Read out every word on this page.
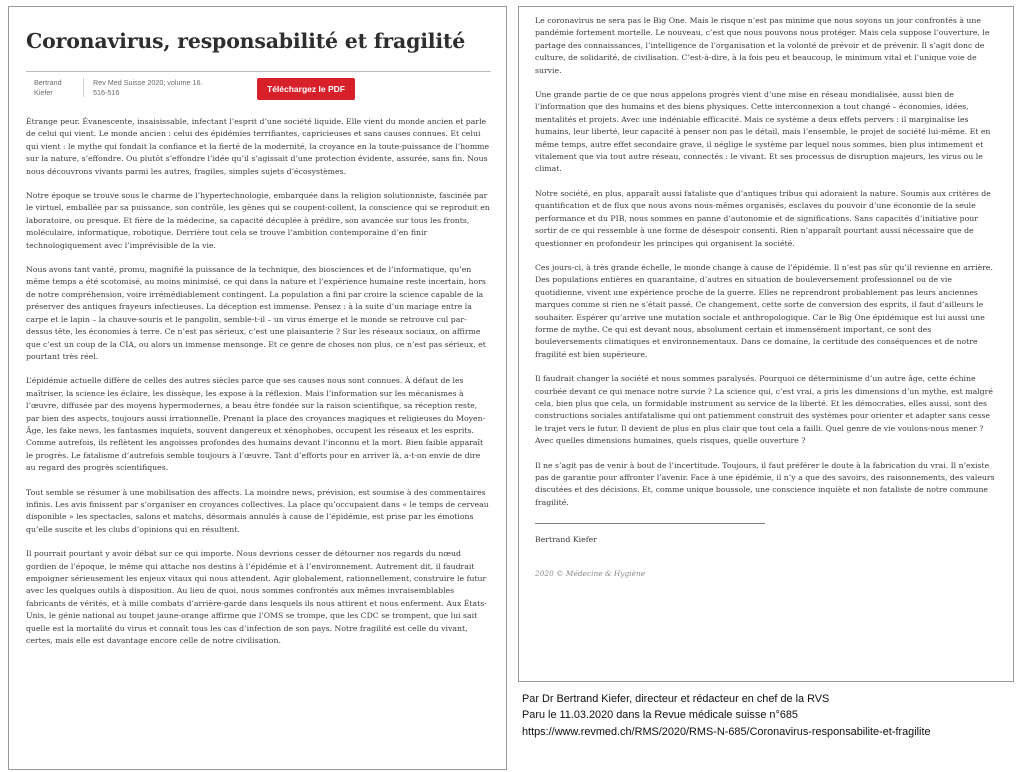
Coronavirus, responsabilité et fragilité
Bertrand
Kiefer
Rev Med Suisse 2020; volume 16.
516-516	Téléchargez le PDF

Étrange peur. Évanescente, insaisissable, infectant l’esprit d’une société liquide. Elle vient du monde ancien et parle de celui qui vient. Le monde ancien : celui des épidémies terrifiantes, capricieuses et sans causes connues. Et celui qui vient : le mythe qui fondait la confiance et la fierté de la modernité, la croyance en la toute-puissance de l’homme sur la nature, s’effondre. Ou plutôt s’effondre l’idée qu’il s’agissait d’une protection évidente, assurée, sans fin. Nous nous découvrons vivants parmi les autres, fragiles, simples sujets d’écosystèmes.

Notre époque se trouve sous le charme de l’hypertechnologie, embarquée dans la religion solutionniste, fascinée par le virtuel, emballée par sa puissance, son contrôle, les gènes qui se coupent-collent, la conscience qui se reproduit en laboratoire, ou presque. Et fière de la médecine, sa capacité décuplée à prédire, son avancée sur tous les fronts, moléculaire, informatique, robotique. Derrière tout cela se trouve l’ambition contemporaine d’en finir technologiquement avec l’imprévisible de la vie.

Nous avons tant vanté, promu, magnifié la puissance de la technique, des biosciences et de l’informatique, qu’en même temps a été scotomisé, au moins minimisé, ce qui dans la nature et l’expérience humaine reste incertain, hors de notre compréhension, voire irrémédiablement contingent. La population a fini par croire la science capable de la préserver des antiques frayeurs infectieuses. La déception est immense. Pensez : à la suite d’un mariage entre la carpe et le lapin – la chauve-souris et le pangolin, semble-t-il – un virus émerge et le monde se retrouve cul par-dessus tête, les économies à terre. Ce n’est pas sérieux, c’est une plaisanterie ? Sur les réseaux sociaux, on affirme que c’est un coup de la CIA, ou alors un immense mensonge. Et ce genre de choses non plus, ce n’est pas sérieux, et pourtant très réel.

L’épidémie actuelle diffère de celles des autres siècles parce que ses causes nous sont connues. À défaut de les maîtriser, la science les éclaire, les dissèque, les expose à la réflexion. Mais l’information sur les mécanismes à l’œuvre, diffusée par des moyens hypermodernes, a beau être fondée sur la raison scientifique, sa réception reste, par bien des aspects, toujours aussi irrationnelle. Prenant la place des croyances magiques et religieuses du Moyen-Âge, les fake news, les fantasmes inquiets, souvent dangereux et xénophobes, occupent les réseaux et les esprits. Comme autrefois, ils reflètent les angoisses profondes des humains devant l’inconnu et la mort. Bien faible apparaît le progrès. Le fatalisme d’autrefois semble toujours à l’œuvre. Tant d’efforts pour en arriver là, a-t-on envie de dire au regard des progrès scientifiques.

Tout semble se résumer à une mobilisation des affects. La moindre news, prévision, est soumise à des commentaires infinis. Les avis finissent par s’organiser en croyances collectives. La place qu’occupaient dans « le temps de cerveau disponible » les spectacles, salons et matchs, désormais annulés à cause de l’épidémie, est prise par les émotions qu’elle suscite et les clubs d’opinions qui en résultent.

Il pourrait pourtant y avoir débat sur ce qui importe. Nous devrions cesser de détourner nos regards du nœud gordien de l’époque, le même qui attache nos destins à l’épidémie et à l’environnement. Autrement dit, il faudrait empoigner sérieusement les enjeux vitaux qui nous attendent. Agir globalement, rationnellement, construire le futur avec les quelques outils à disposition. Au lieu de quoi, nous sommes confrontés aux mêmes invraisemblables fabricants de vérités, et à mille combats d’arrière-garde dans lesquels ils nous attirent et nous enferment. Aux États-Unis, le génie national au toupet jaune-orange affirme que l’OMS se trompe, que les CDC se trompent, que lui sait quelle est la mortalité du virus et connaît tous les cas d’infection de son pays. Notre fragilité est celle du vivant, certes, mais elle est davantage encore celle de notre civilisation.

Le coronavirus ne sera pas le Big One. Mais le risque n’est pas minime que nous soyons un jour confrontés à une pandémie fortement mortelle. Le nouveau, c’est que nous pouvons nous protéger. Mais cela suppose l’ouverture, le partage des connaissances, l’intelligence de l’organisation et la volonté de prévoir et de prévenir. Il s’agit donc de culture, de solidarité, de civilisation. C’est-à-dire, à la fois peu et beaucoup, le minimum vital et l’unique voie de survie.

Une grande partie de ce que nous appelons progrès vient d’une mise en réseau mondialisée, aussi bien de l’information que des humains et des biens physiques. Cette interconnexion a tout changé – économies, idées, mentalités et projets. Avec une indéniable efficacité. Mais ce système a deux effets pervers : il marginalise les humains, leur liberté, leur capacité à penser non pas le détail, mais l’ensemble, le projet de société lui-même. Et en même temps, autre effet secondaire grave, il néglige le système par lequel nous sommes, bien plus intimement et vitalement que via tout autre réseau, connectés : le vivant. Et ses processus de disruption majeurs, les virus ou le climat.

Notre société, en plus, apparaît aussi fataliste que d’antiques tribus qui adoraient la nature. Soumis aux critères de quantification et de flux que nous avons nous-mêmes organisés, esclaves du pouvoir d’une économie de la seule performance et du PIB, nous sommes en panne d’autonomie et de significations. Sans capacités d’initiative pour sortir de ce qui ressemble à une forme de désespoir consenti. Rien n’apparaît pourtant aussi nécessaire que de questionner en profondeur les principes qui organisent la société.

Ces jours-ci, à très grande échelle, le monde change à cause de l’épidémie. Il n’est pas sûr qu’il revienne en arrière. Des populations entières en quarantaine, d’autres en situation de bouleversement professionnel ou de vie quotidienne, vivent une expérience proche de la guerre. Elles ne reprendront probablement pas leurs anciennes marques comme si rien ne s’était passé. Ce changement, cette sorte de conversion des esprits, il faut d’ailleurs le souhaiter. Espérer qu’arrive une mutation sociale et anthropologique. Car le Big One épidémique est lui aussi une forme de mythe. Ce qui est devant nous, absolument certain et immensément important, ce sont des bouleversements climatiques et environnementaux. Dans ce domaine, la certitude des conséquences et de notre fragilité est bien supérieure.

Il faudrait changer la société et nous sommes paralysés. Pourquoi ce déterminisme d’un autre âge, cette échine courbée devant ce qui menace notre survie ? La science qui, c’est vrai, a pris les dimensions d’un mythe, est malgré cela, bien plus que cela, un formidable instrument au service de la liberté. Et les démocraties, elles aussi, sont des constructions sociales antifatalisme qui ont patiemment construit des systèmes pour orienter et adapter sans cesse le trajet vers le futur. Il devient de plus en plus clair que tout cela a failli. Quel genre de vie voulons-nous mener ? Avec quelles dimensions humaines, quels risques, quelle ouverture ?

Il ne s’agit pas de venir à bout de l’incertitude. Toujours, il faut préférer le doute à la fabrication du vrai. Il n’existe pas de garantie pour affronter l’avenir. Face à une épidémie, il n’y a que des savoirs, des raisonnements, des valeurs discutées et des décisions. Et, comme unique boussole, une conscience inquiète et non fataliste de notre commune fragilité.

Bertrand Kiefer
2020 © Médecine & Hygiène
Par Dr Bertrand Kiefer, directeur et rédacteur en chef de la RVS
Paru le 11.03.2020 dans la Revue médicale suisse n°685
https://www.revmed.ch/RMS/2020/RMS-N-685/Coronavirus-responsabilite-et-fragilite
